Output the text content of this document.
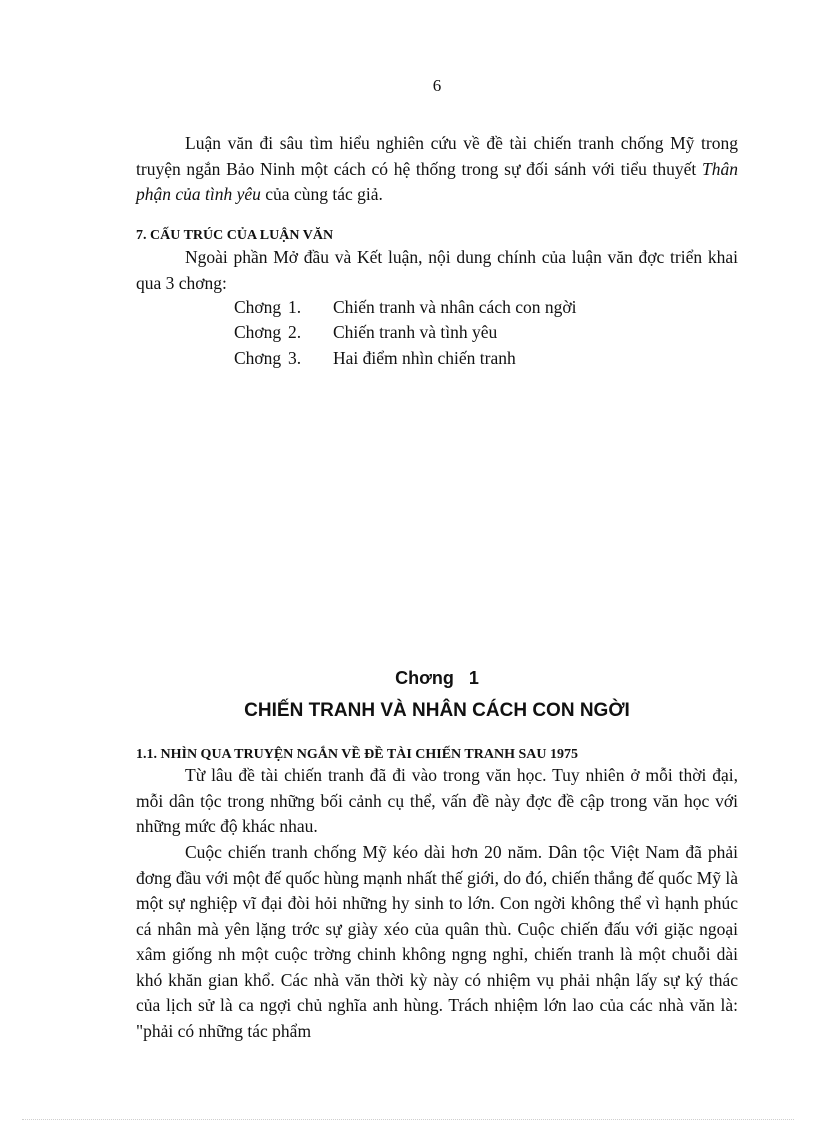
6

Luận văn đi sâu tìm hiểu nghiên cứu về đề tài chiến tranh chống Mỹ trong truyện ngắn Bảo Ninh một cách có hệ thống trong sự đối sánh với tiểu thuyết Thân phận của tình yêu của cùng tác giả.

7. CẤU TRÚC CỦA LUẬN VĂN

Ngoài phần Mở đầu và Kết luận, nội dung chính của luận văn đợc triển khai qua 3 chơng:

Chơng 1.	Chiến tranh và nhân cách con ngời
Chơng 2.	Chiến tranh và tình yêu
Chơng 3.	Hai điểm nhìn chiến tranh
Chơng   1
CHIẾN TRANH VÀ NHÂN CÁCH CON NGỜI
1.1. NHÌN QUA TRUYỆN NGẮN VỀ ĐỀ TÀI CHIẾN TRANH SAU 1975

Từ lâu đề tài chiến tranh đã đi vào trong văn học. Tuy nhiên ở mỗi thời đại, mỗi dân tộc trong những bối cảnh cụ thể, vấn đề này đợc đề cập trong văn học với những mức độ khác nhau.

Cuộc chiến tranh chống Mỹ kéo dài hơn 20 năm. Dân tộc Việt Nam đã phải đơng đầu với một đế quốc hùng mạnh nhất thế giới, do đó, chiến thắng đế quốc Mỹ là một sự nghiệp vĩ đại đòi hỏi những hy sinh to lớn. Con ngời không thể vì hạnh phúc cá nhân mà yên lặng trớc sự giày xéo của quân thù. Cuộc chiến đấu với giặc ngoại xâm giống nh một cuộc trờng chinh không ngng nghỉ, chiến tranh là một chuỗi dài khó khăn gian khổ. Các nhà văn thời kỳ này có nhiệm vụ phải nhận lấy sự ký thác của lịch sử là ca ngợi chủ nghĩa anh hùng. Trách nhiệm lớn lao của các nhà văn là: "phải có những tác phẩm
